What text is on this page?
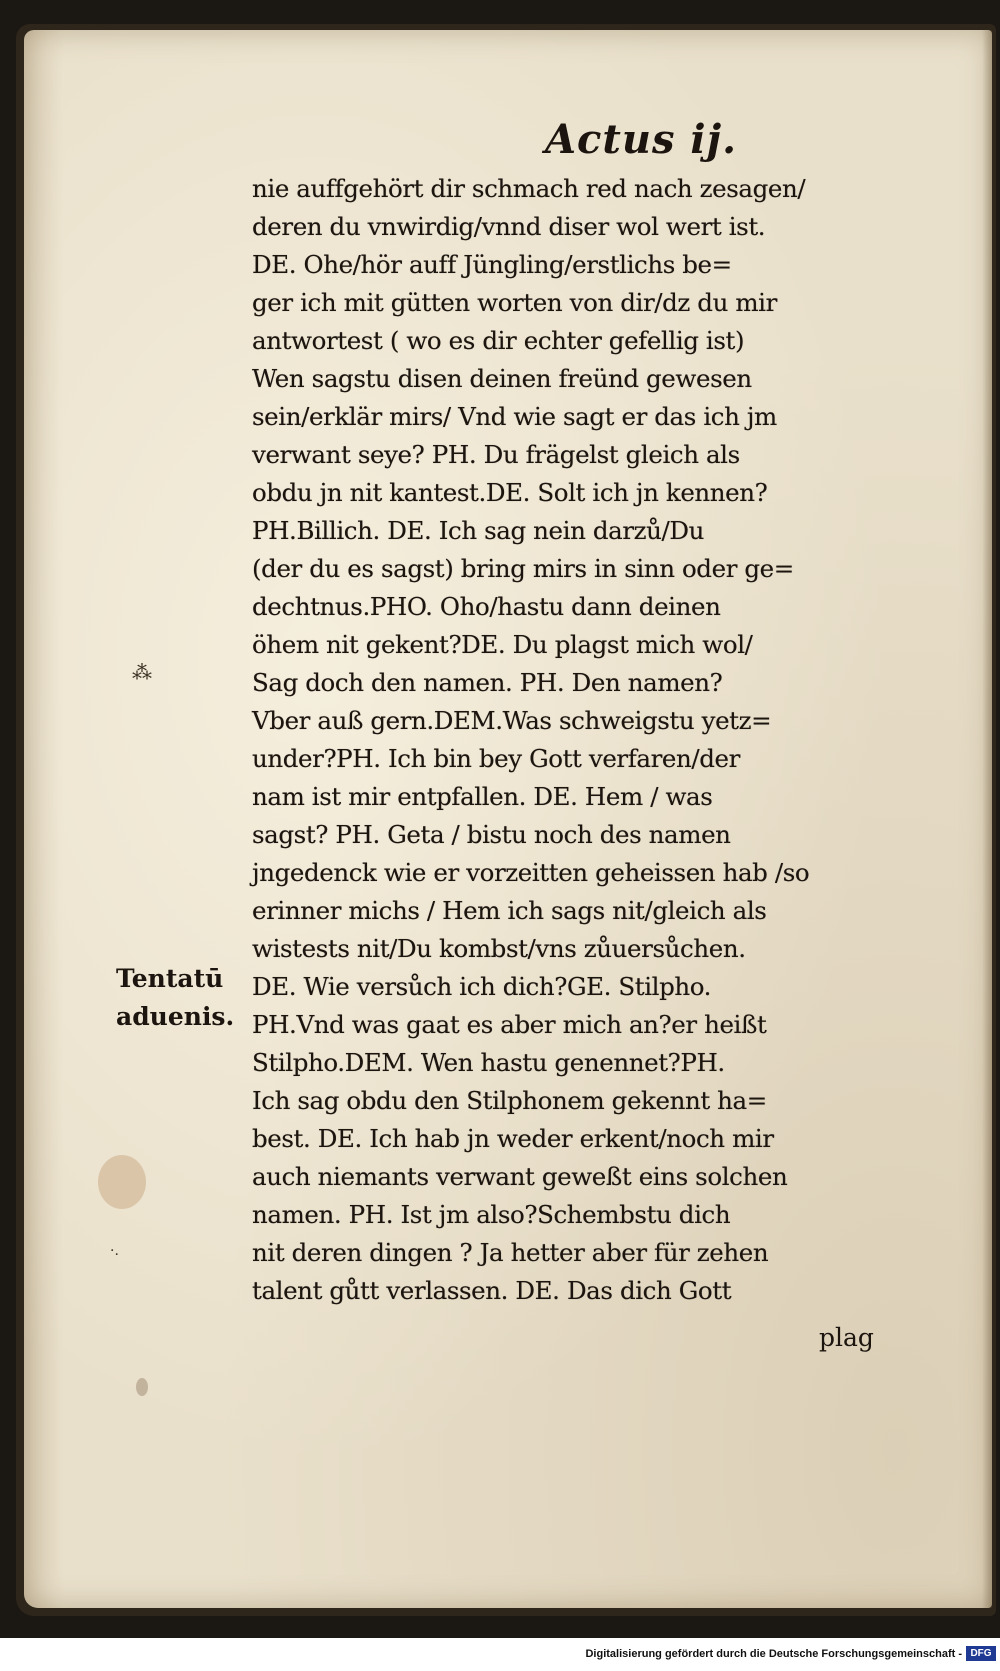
⁂
·.
Actus ij.
nie auffgehört dir schmach red nach zesagen/
deren du vnwirdig/vnnd diser wol wert ist.
DE. Ohe/hör auff Jüngling/erstlichs be=
ger ich mit gütten worten von dir/dz du mir
antwortest ( wo es dir echter gefellig ist)
Wen sagstu disen deinen freünd gewesen
sein/erklär mirs/ Vnd wie sagt er das ich jm
verwant seye? PH. Du frägelst gleich als
obdu jn nit kantest.DE. Solt ich jn kennen?
PH.Billich. DE. Ich sag nein darzů/Du
(der du es sagst) bring mirs in sinn oder ge=
dechtnus.PHO. Oho/hastu dann deinen
öhem nit gekent?DE. Du plagst mich wol/
Sag doch den namen. PH. Den namen?
Vber auß gern.DEM.Was schweigstu yetz=
under?PH. Ich bin bey Gott verfaren/der
nam ist mir entpfallen. DE. Hem / was
sagst? PH. Geta / bistu noch des namen
jngedenck wie er vorzeitten geheissen hab /so
erinner michs / Hem ich sags nit/gleich als
wistests nit/Du kombst/vns zůuersůchen.
DE. Wie versůch ich dich?GE. Stilpho.
PH.Vnd was gaat es aber mich an?er heißt
Stilpho.DEM. Wen hastu genennet?PH.
Ich sag obdu den Stilphonem gekennt ha=
best. DE. Ich hab jn weder erkent/noch mir
auch niemants verwant geweßt eins solchen
namen. PH. Ist jm also?Schembstu dich
nit deren dingen ? Ja hetter aber für zehen
talent gůtt verlassen. DE. Das dich Gott
Tentatū
aduenis.
plag
Digitalisierung gefördert durch die Deutsche Forschungsgemeinschaft - DFG
